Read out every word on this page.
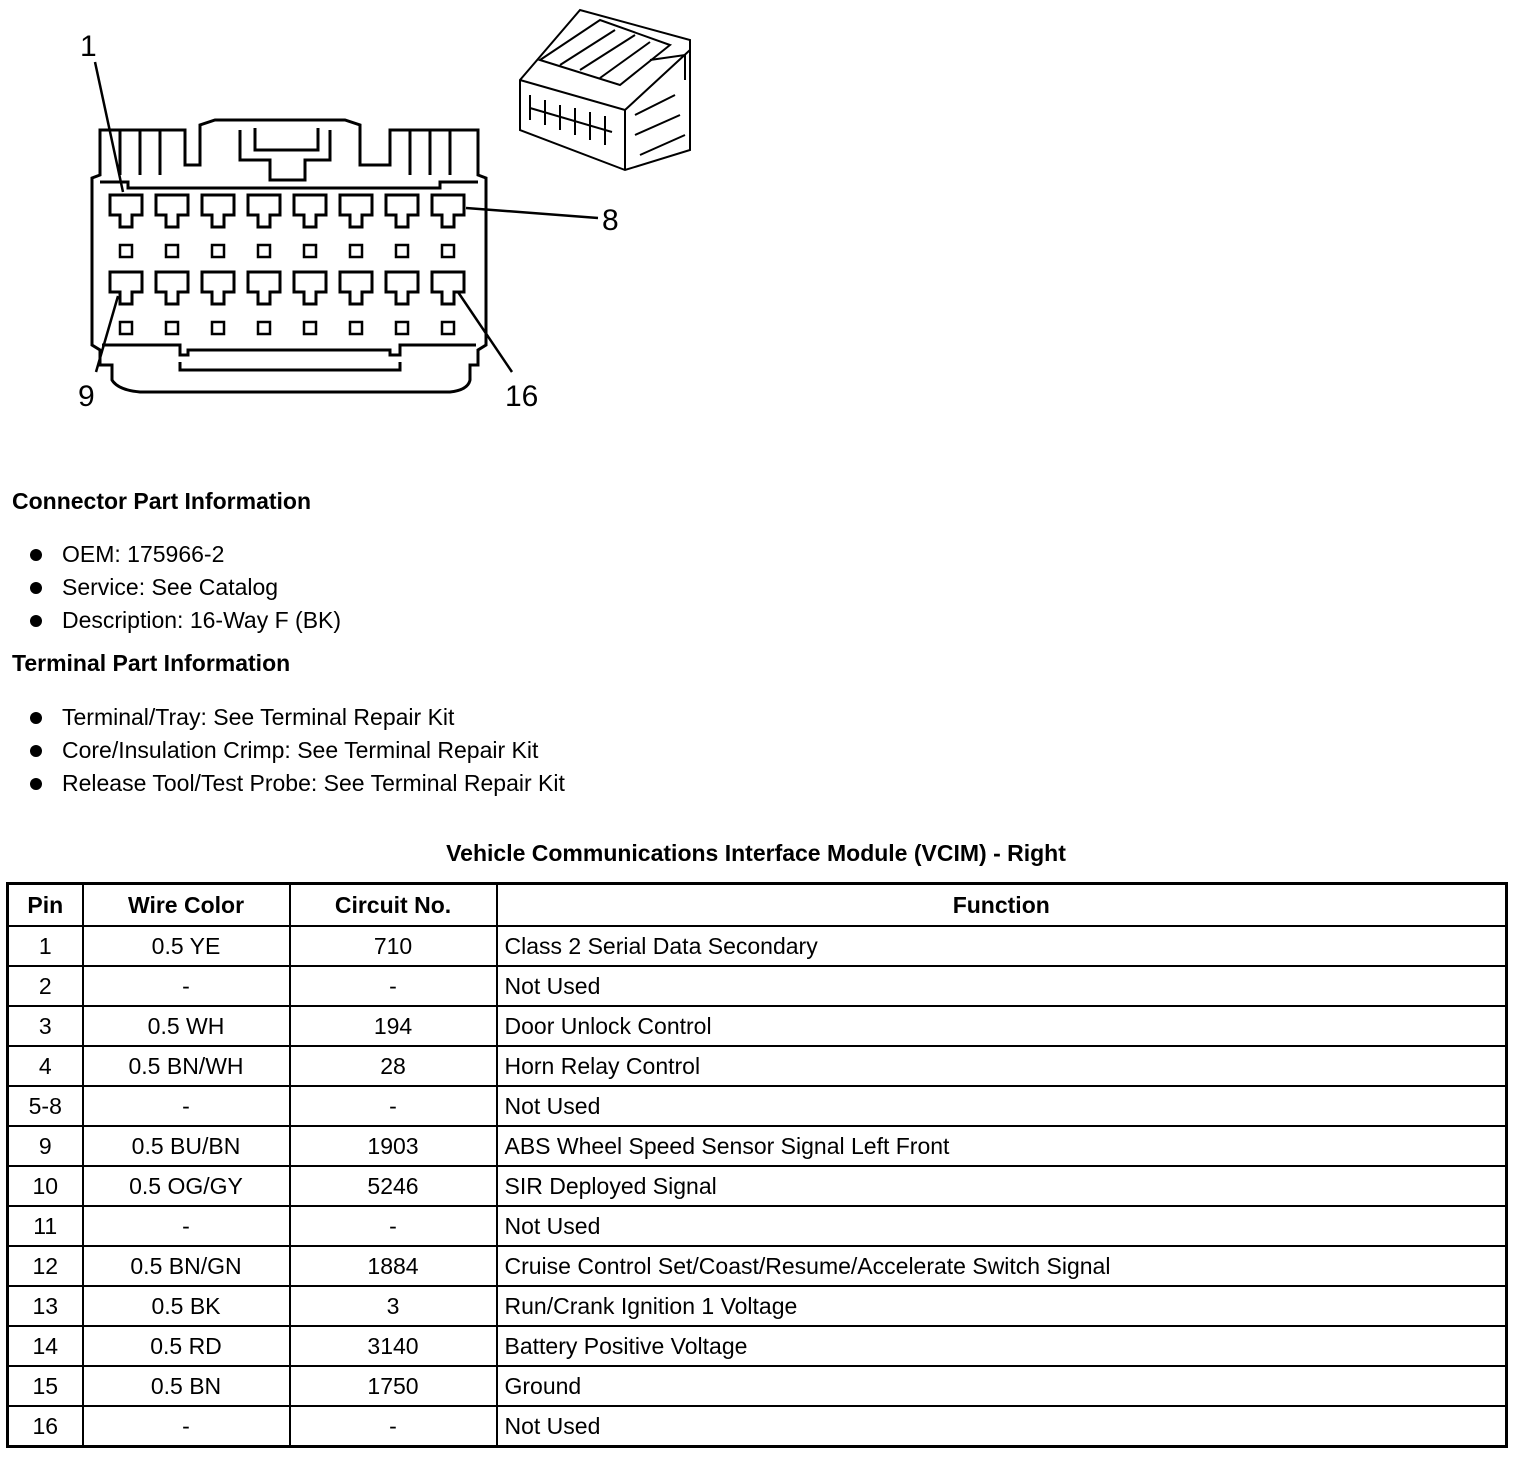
1
8
9	16
Connector Part Information
OEM: 175966-2
Service: See Catalog
Description: 16-Way F (BK)
Terminal Part Information
Terminal/Tray: See Terminal Repair Kit
Core/Insulation Crimp: See Terminal Repair Kit
Release Tool/Test Probe: See Terminal Repair Kit
Vehicle Communications Interface Module (VCIM) - Right
Pin	Wire Color	Circuit No.	Function
1	0.5 YE	710	Class 2 Serial Data Secondary
2	-	-	Not Used
3	0.5 WH	194	Door Unlock Control
4	0.5 BN/WH	28	Horn Relay Control
5-8	-	-	Not Used
9	0.5 BU/BN	1903	ABS Wheel Speed Sensor Signal Left Front
10	0.5 OG/GY	5246	SIR Deployed Signal
11	-	-	Not Used
12	0.5 BN/GN	1884	Cruise Control Set/Coast/Resume/Accelerate Switch Signal
13	0.5 BK	3	Run/Crank Ignition 1 Voltage
14	0.5 RD	3140	Battery Positive Voltage
15	0.5 BN	1750	Ground
16	-	-	Not Used
